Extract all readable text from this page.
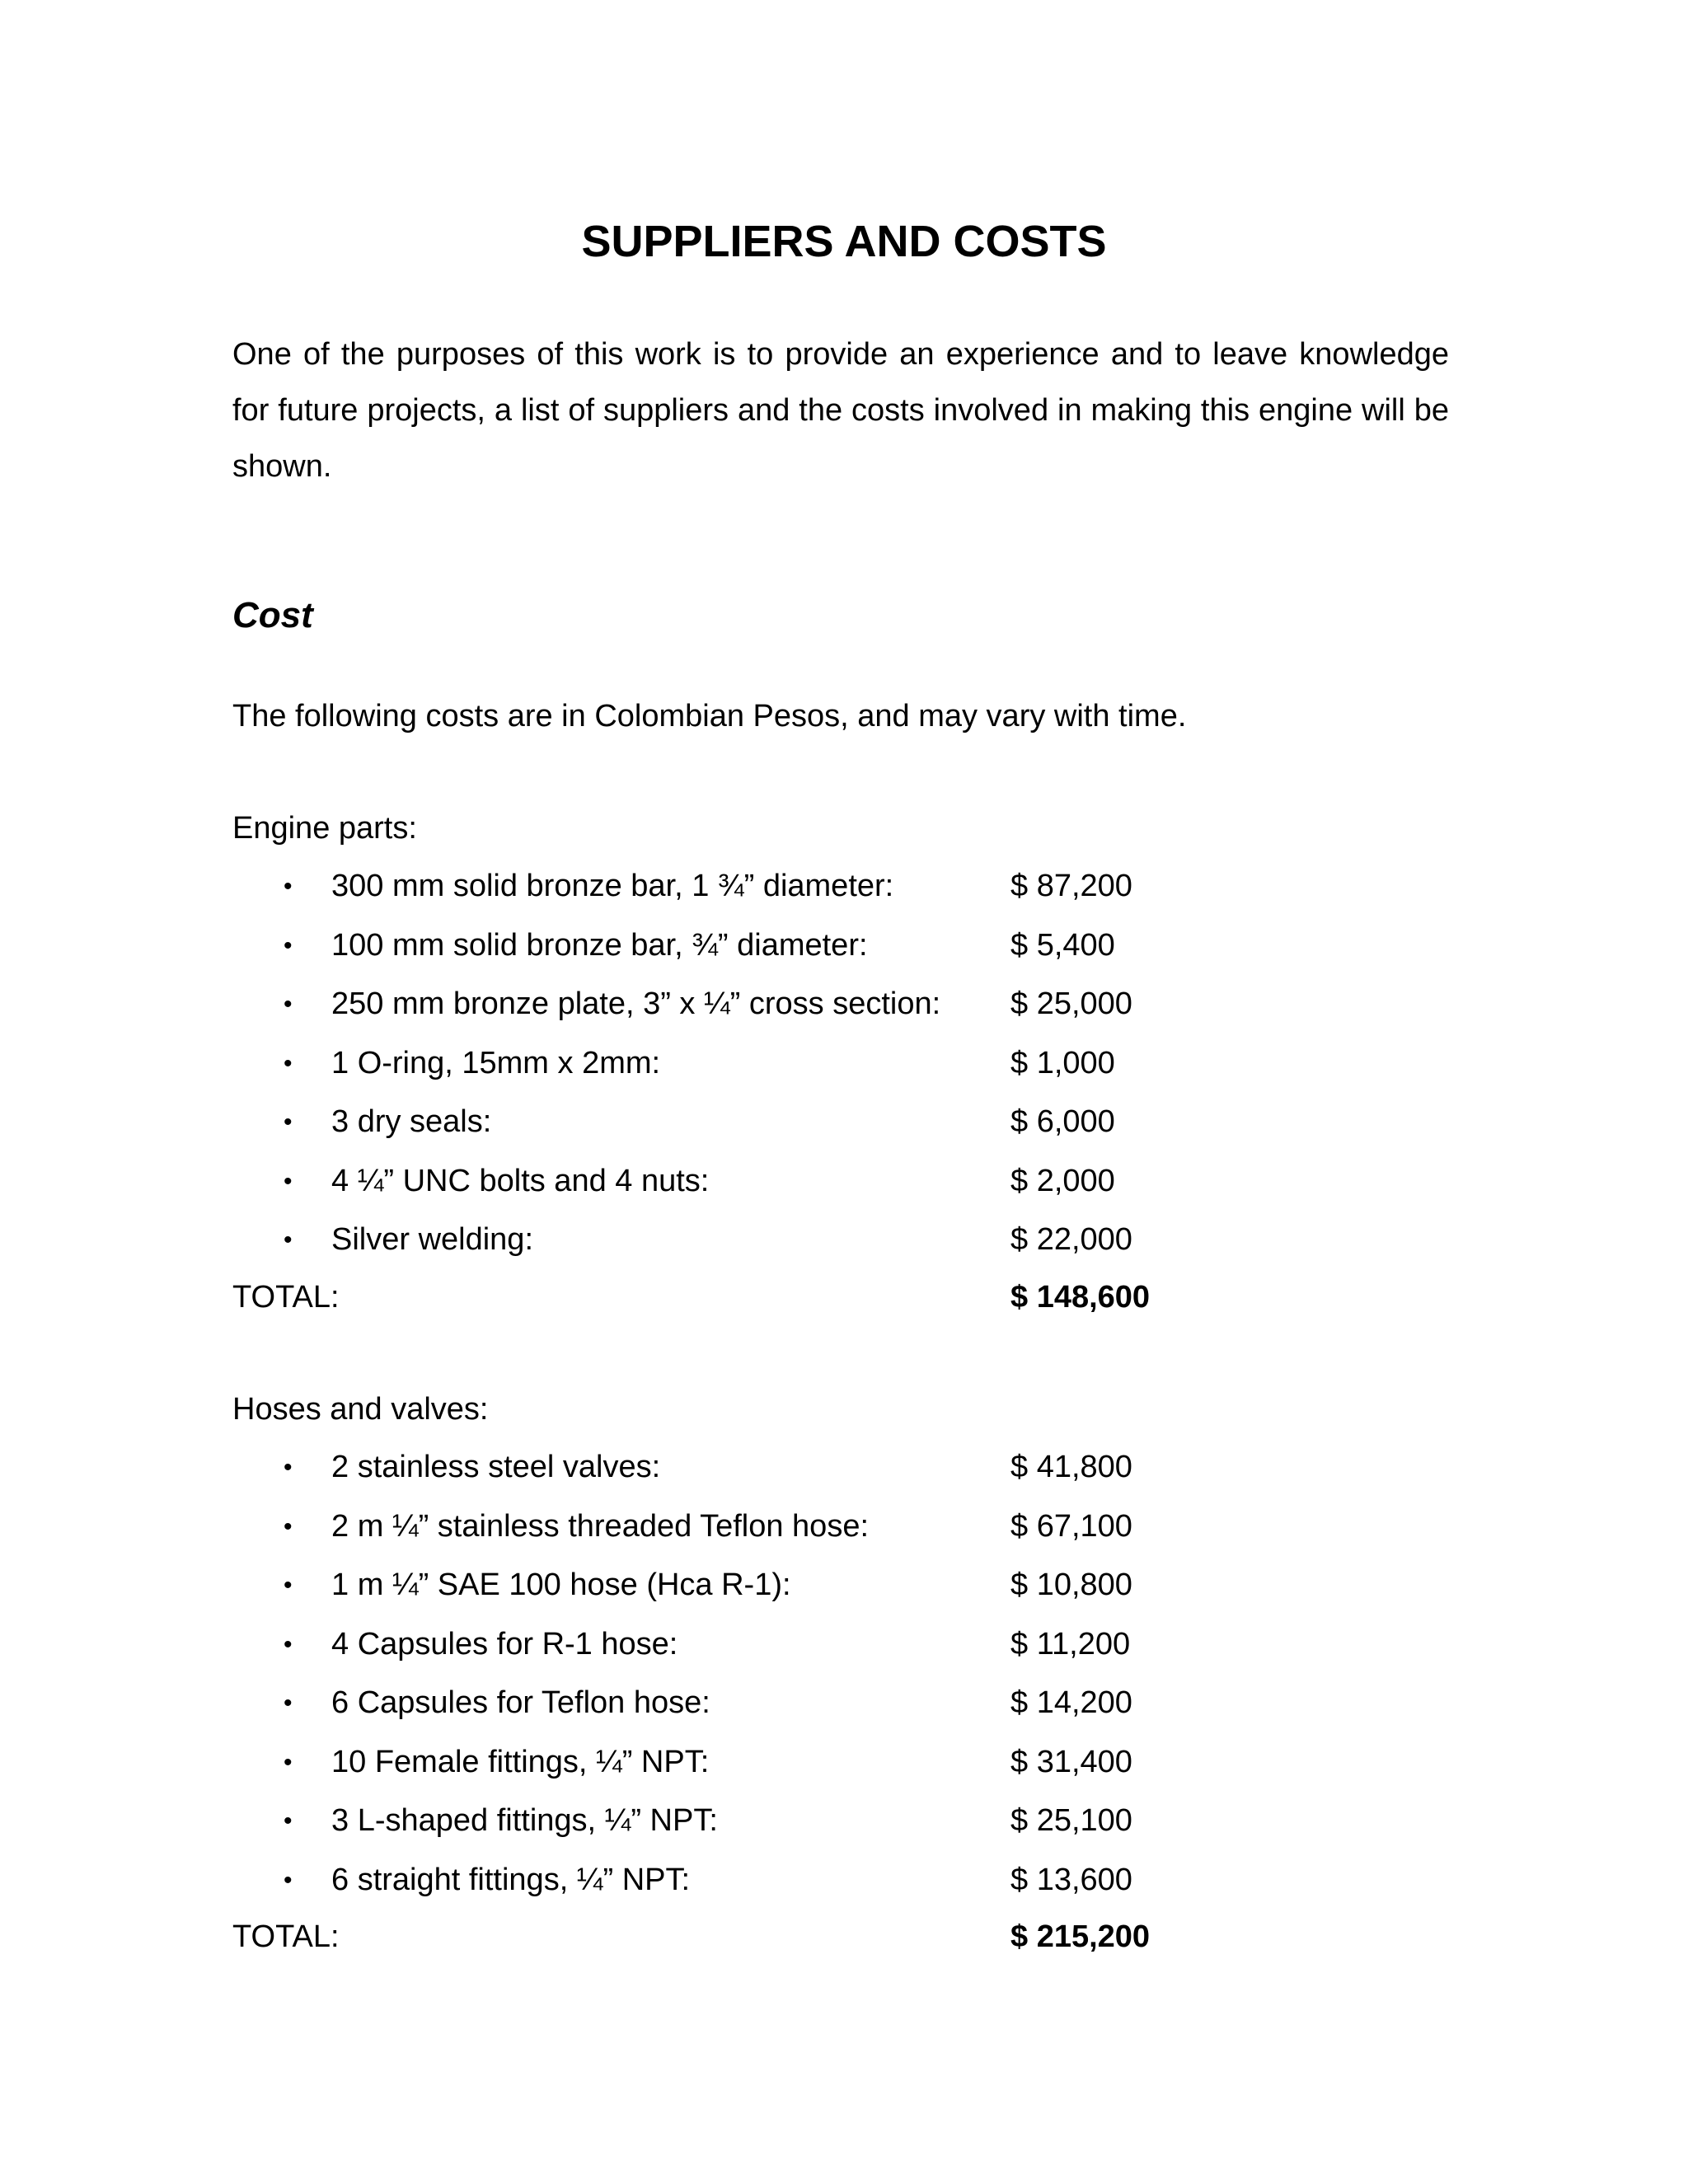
SUPPLIERS AND COSTS
One of the purposes of this work is to provide an experience and to leave knowledge for future projects, a list of suppliers and the costs involved in making this engine will be shown.
Cost
The following costs are in Colombian Pesos, and may vary with time.
Engine parts:
• 300 mm solid bronze bar, 1 ¾” diameter:	$ 87,200
• 100 mm solid bronze bar, ¾” diameter:	$ 5,400
• 250 mm bronze plate, 3” x ¼” cross section: $ 25,000
• 1 O-ring, 15mm x 2mm:	$ 1,000
• 3 dry seals:	$ 6,000
• 4 ¼” UNC bolts and 4 nuts:	$ 2,000
• Silver welding:	$ 22,000
TOTAL:	$ 148,600
Hoses and valves:
• 2 stainless steel valves:	$ 41,800
• 2 m ¼” stainless threaded Teflon hose:	$ 67,100
• 1 m ¼” SAE 100 hose (Hca R-1):	$ 10,800
• 4 Capsules for R-1 hose:	$ 11,200
• 6 Capsules for Teflon hose:	$ 14,200
• 10 Female fittings, ¼” NPT:	$ 31,400
• 3 L-shaped fittings, ¼” NPT:	$ 25,100
• 6 straight fittings, ¼” NPT:	$ 13,600
TOTAL:	$ 215,200
